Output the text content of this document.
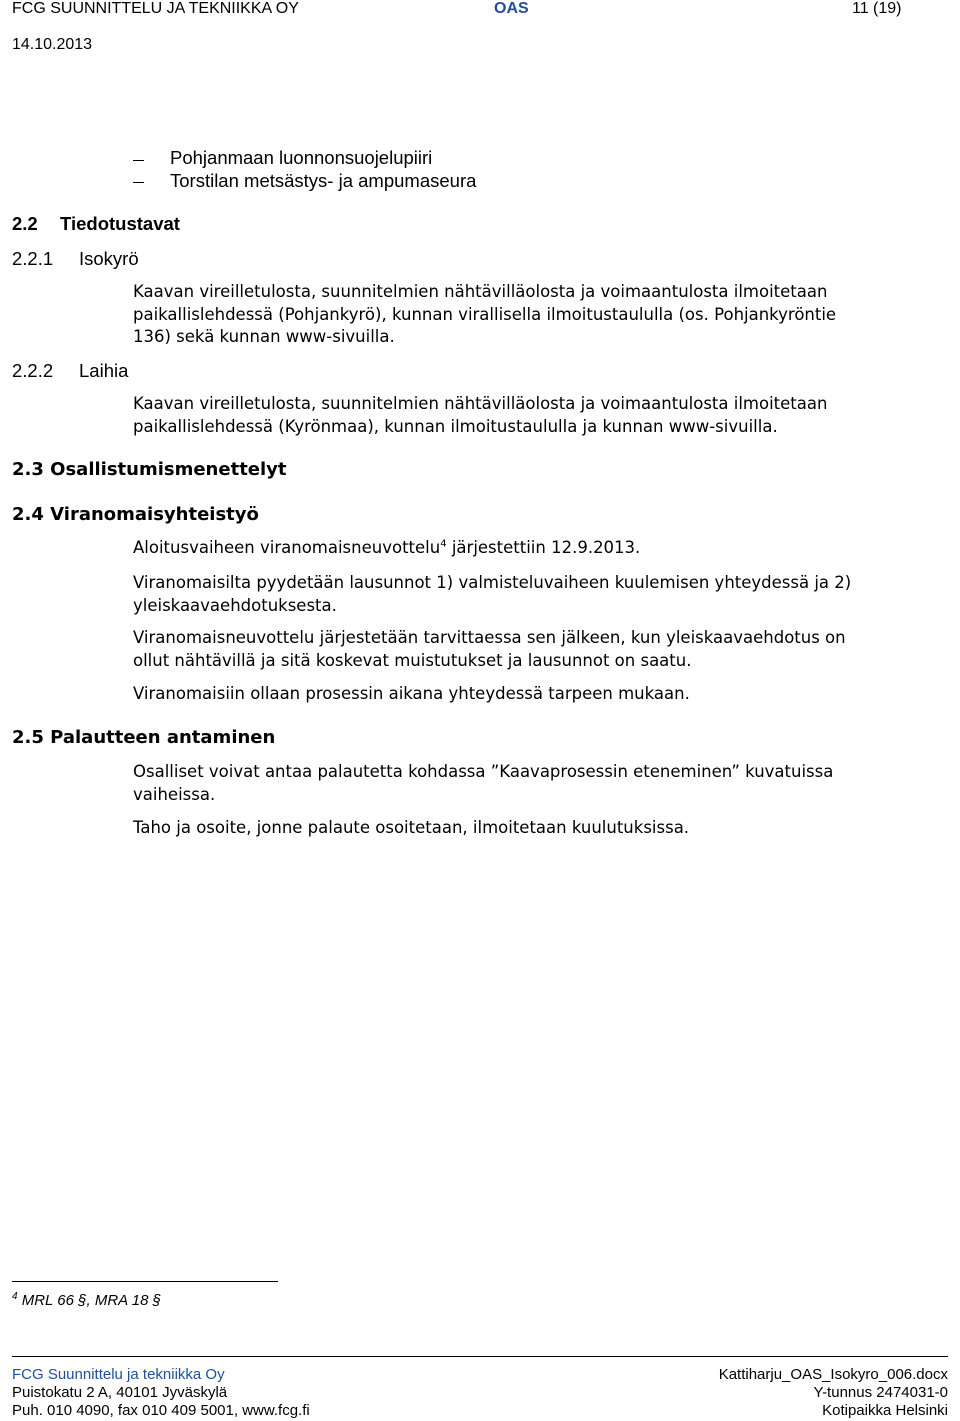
FCG SUUNNITTELU JA TEKNIIKKA OY	OAS	11 (19)
14.10.2013
Pohjanmaan luonnonsuojelupiiri
Torstilan metsästys- ja ampumaseura
2.2 Tiedotustavat
2.2.1 Isokyrö
Kaavan vireilletulosta, suunnitelmien nähtävilläolosta ja voimaantulosta ilmoitetaan
paikallislehdessä (Pohjankyrö), kunnan virallisella ilmoitustaululla (os. Pohjankyröntie
136) sekä kunnan www-sivuilla.
2.2.2 Laihia
Kaavan vireilletulosta, suunnitelmien nähtävilläolosta ja voimaantulosta ilmoitetaan
paikallislehdessä (Kyrönmaa), kunnan ilmoitustaululla ja kunnan www-sivuilla.
2.3 Osallistumismenettelyt
2.4 Viranomaisyhteistyö
Aloitusvaiheen viranomaisneuvottelu$^4$ järjestettiin 12.9.2013.
Viranomaisilta pyydetään lausunnot 1) valmisteluvaiheen kuulemisen yhteydessä ja 2)
yleiskaavaehdotuksesta.
Viranomaisneuvottelu järjestetään tarvittaessa sen jälkeen, kun yleiskaavaehdotus on
ollut nähtävillä ja sitä koskevat muistutukset ja lausunnot on saatu.
Viranomaisiin ollaan prosessin aikana yhteydessä tarpeen mukaan.
2.5 Palautteen antaminen
Osalliset voivat antaa palautetta kohdassa ”Kaavaprosessin eteneminen” kuvatuissa
vaiheissa.
Taho ja osoite, jonne palaute osoitetaan, ilmoitetaan kuulutuksissa.
$^4$ MRL 66 §, MRA 18 §
FCG Suunnittelu ja tekniikka Oy
Puistokatu 2 A, 40101 Jyväskylä
Puh. 010 4090, fax 010 409 5001, www.fcg.fi
Kattiharju_OAS_Isokyro_006.docx
Y-tunnus 2474031-0
Kotipaikka Helsinki
